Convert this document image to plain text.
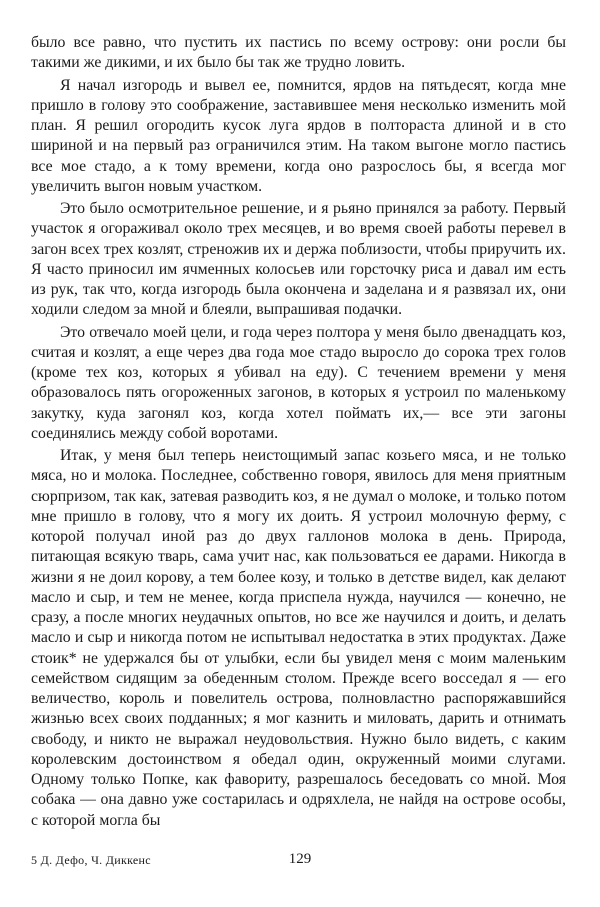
было все равно, что пустить их пастись по всему острову: они росли бы такими же дикими, и их было бы так же трудно ловить.

Я начал изгородь и вывел ее, помнится, ярдов на пятьдесят, когда мне пришло в голову это соображение, заставившее меня несколько изменить мой план. Я решил огородить кусок луга ярдов в полтораста длиной и в сто шириной и на первый раз ограничился этим. На таком выгоне могло пастись все мое стадо, а к тому времени, когда оно разрослось бы, я всегда мог увеличить выгон новым участком.

Это было осмотрительное решение, и я рьяно принялся за работу. Первый участок я огораживал около трех месяцев, и во время своей работы перевел в загон всех трех козлят, стреножив их и держа поблизости, чтобы приручить их. Я часто приносил им ячменных колосьев или горсточку риса и давал им есть из рук, так что, когда изгородь была окончена и заделана и я развязал их, они ходили следом за мной и блеяли, выпрашивая подачки.

Это отвечало моей цели, и года через полтора у меня было двенадцать коз, считая и козлят, а еще через два года мое стадо выросло до сорока трех голов (кроме тех коз, которых я убивал на еду). С течением времени у меня образовалось пять огороженных загонов, в которых я устроил по маленькому закутку, куда загонял коз, когда хотел поймать их,— все эти загоны соединялись между собой воротами.

Итак, у меня был теперь неистощимый запас козьего мяса, и не только мяса, но и молока. Последнее, собственно говоря, явилось для меня приятным сюрпризом, так как, затевая разводить коз, я не думал о молоке, и только потом мне пришло в голову, что я могу их доить. Я устроил молочную ферму, с которой получал иной раз до двух галлонов молока в день. Природа, питающая всякую тварь, сама учит нас, как пользоваться ее дарами. Никогда в жизни я не доил корову, а тем более козу, и только в детстве видел, как делают масло и сыр, и тем не менее, когда приспела нужда, научился — конечно, не сразу, а после многих неудачных опытов, но все же научился и доить, и делать масло и сыр и никогда потом не испытывал недостатка в этих продуктах. Даже стоик* не удержался бы от улыбки, если бы увидел меня с моим маленьким семейством сидящим за обеденным столом. Прежде всего восседал я — его величество, король и повелитель острова, полновластно распоряжавшийся жизнью всех своих подданных; я мог казнить и миловать, дарить и отнимать свободу, и никто не выражал неудовольствия. Нужно было видеть, с каким королевским достоинством я обедал один, окруженный моими слугами. Одному только Попке, как фавориту, разрешалось беседовать со мной. Моя собака — она давно уже состарилась и одряхлела, не найдя на острове особы, с которой могла бы

5 Д. Дефо, Ч. Диккенс	129
